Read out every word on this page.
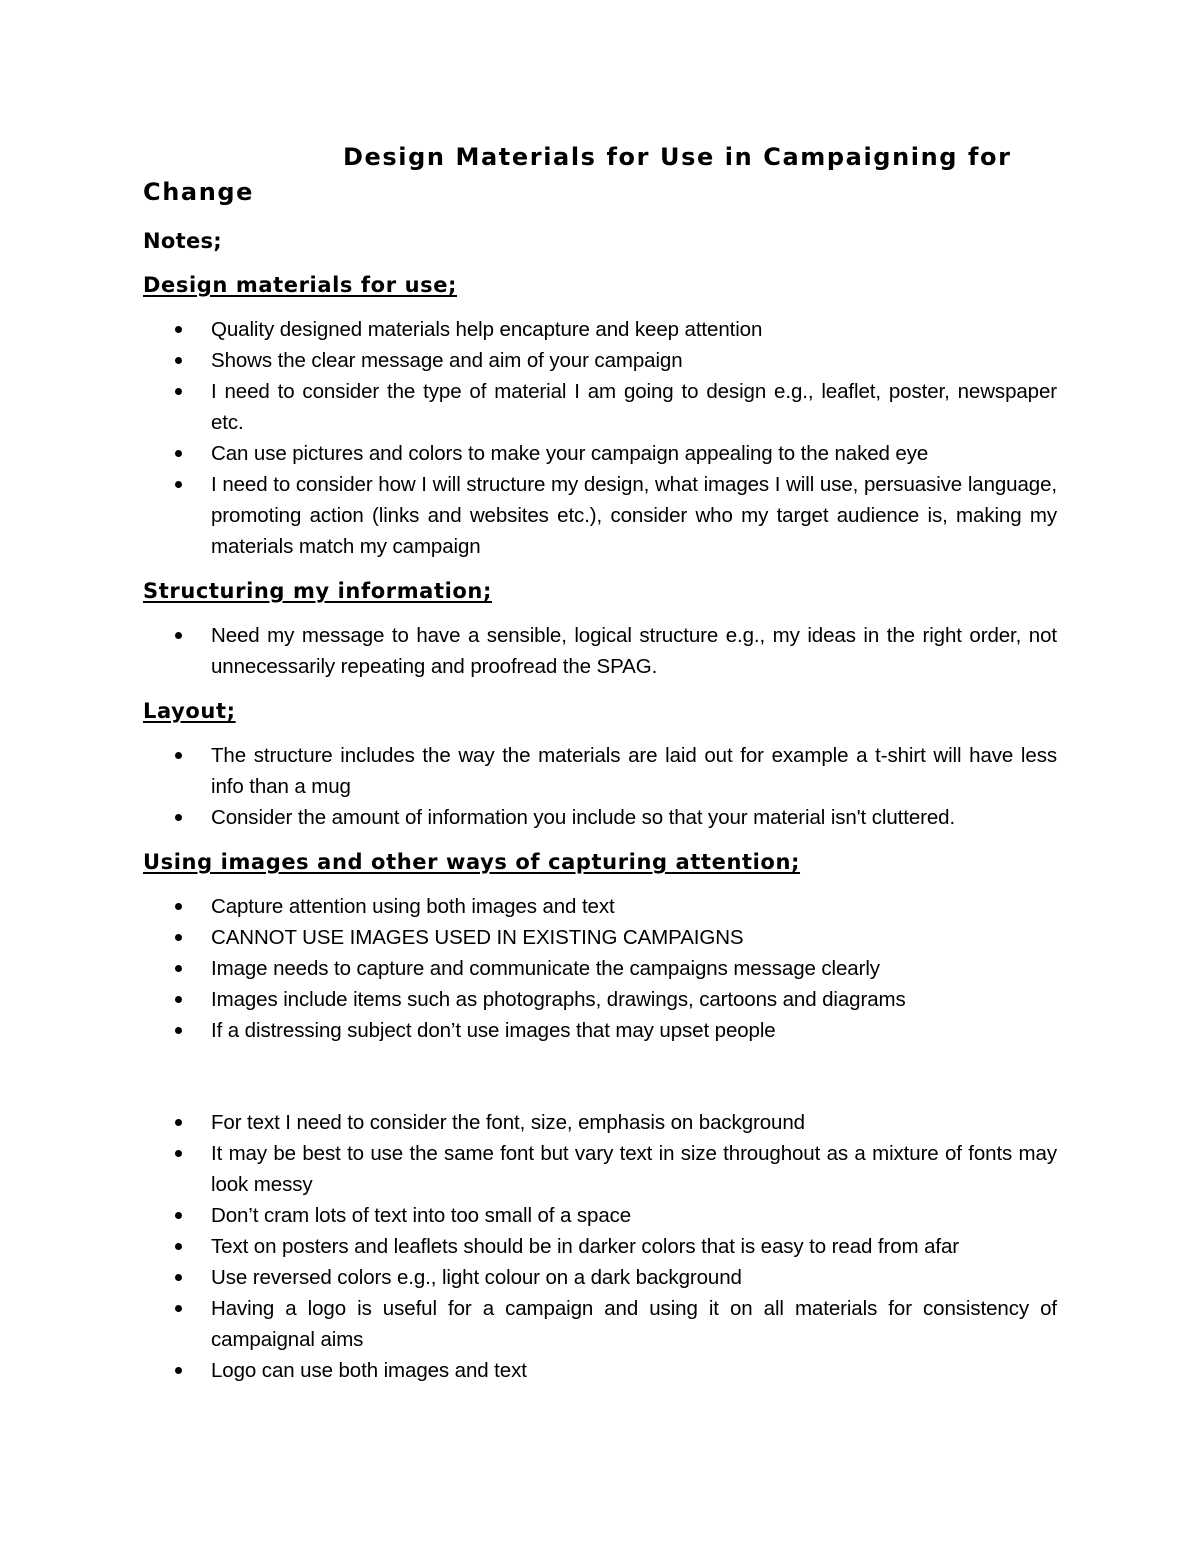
Design Materials for Use in Campaigning for
Change

Notes;

Design materials for use;
Quality designed materials help encapture and keep attention
Shows the clear message and aim of your campaign
I need to consider the type of material I am going to design e.g., leaflet, poster, newspaper etc.
Can use pictures and colors to make your campaign appealing to the naked eye
I need to consider how I will structure my design, what images I will use, persuasive language, promoting action (links and websites etc.), consider who my target audience is, making my materials match my campaign
Structuring my information;
Need my message to have a sensible, logical structure e.g., my ideas in the right order, not unnecessarily repeating and proofread the SPAG.
Layout;
The structure includes the way the materials are laid out for example a t-shirt will have less info than a mug
Consider the amount of information you include so that your material isn't cluttered.
Using images and other ways of capturing attention;
Capture attention using both images and text
CANNOT USE IMAGES USED IN EXISTING CAMPAIGNS
Image needs to capture and communicate the campaigns message clearly
Images include items such as photographs, drawings, cartoons and diagrams
If a distressing subject don’t use images that may upset people
For text I need to consider the font, size, emphasis on background
It may be best to use the same font but vary text in size throughout as a mixture of fonts may look messy
Don’t cram lots of text into too small of a space
Text on posters and leaflets should be in darker colors that is easy to read from afar
Use reversed colors e.g., light colour on a dark background
Having a logo is useful for a campaign and using it on all materials for consistency of campaignal aims
Logo can use both images and text
